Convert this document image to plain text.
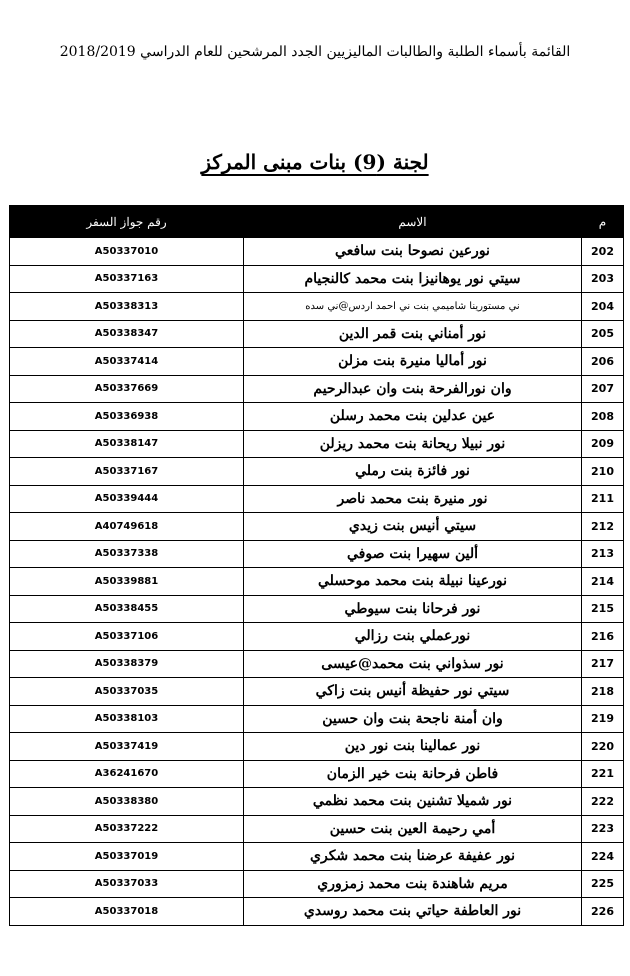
القائمة بأسماء الطلبة والطالبات الماليزيين الجدد المرشحين للعام الدراسي 2018/2019
لجنة (9) بنات مبنى المركز
رقم جواز السفر	الاسم	م
A50337010	نورعين نصوحا بنت سافعي	202
A50337163	سيتي نور يوهانيزا بنت محمد كالنجيام	203
A50338313	ني مستورينا شاميمي بنت ني احمد اردس@ني سده	204
A50338347	نور أمناني بنت قمر الدين	205
A50337414	نور أماليا منيرة بنت مزلن	206
A50337669	وان نورالفرحة بنت وان عبدالرحيم	207
A50336938	عين عدلين بنت محمد رسلن	208
A50338147	نور نبيلا ريحانة بنت محمد ريزلن	209
A50337167	نور فائزة بنت رملي	210
A50339444	نور منيرة بنت محمد ناصر	211
A40749618	سيتي أنيس بنت زيدي	212
A50337338	ألين سهيرا بنت صوفي	213
A50339881	نورعينا نبيلة بنت محمد موحسلي	214
A50338455	نور فرحانا بنت سيوطي	215
A50337106	نورعملي بنت رزالي	216
A50338379	نور سذواني بنت محمد@عيسى	217
A50337035	سيتي نور حفيظة أنيس بنت زاكي	218
A50338103	وان أمنة ناجحة بنت وان حسين	219
A50337419	نور عمالينا بنت نور دين	220
A36241670	فاطن فرحانة بنت خير الزمان	221
A50338380	نور شميلا تشنين بنت محمد نظمي	222
A50337222	أمي رحيمة العين بنت حسين	223
A50337019	نور عفيفة عرضنا بنت محمد شكري	224
A50337033	مريم شاهندة بنت محمد زمزوري	225
A50337018	نور العاطفة حياتي بنت محمد روسدي	226
